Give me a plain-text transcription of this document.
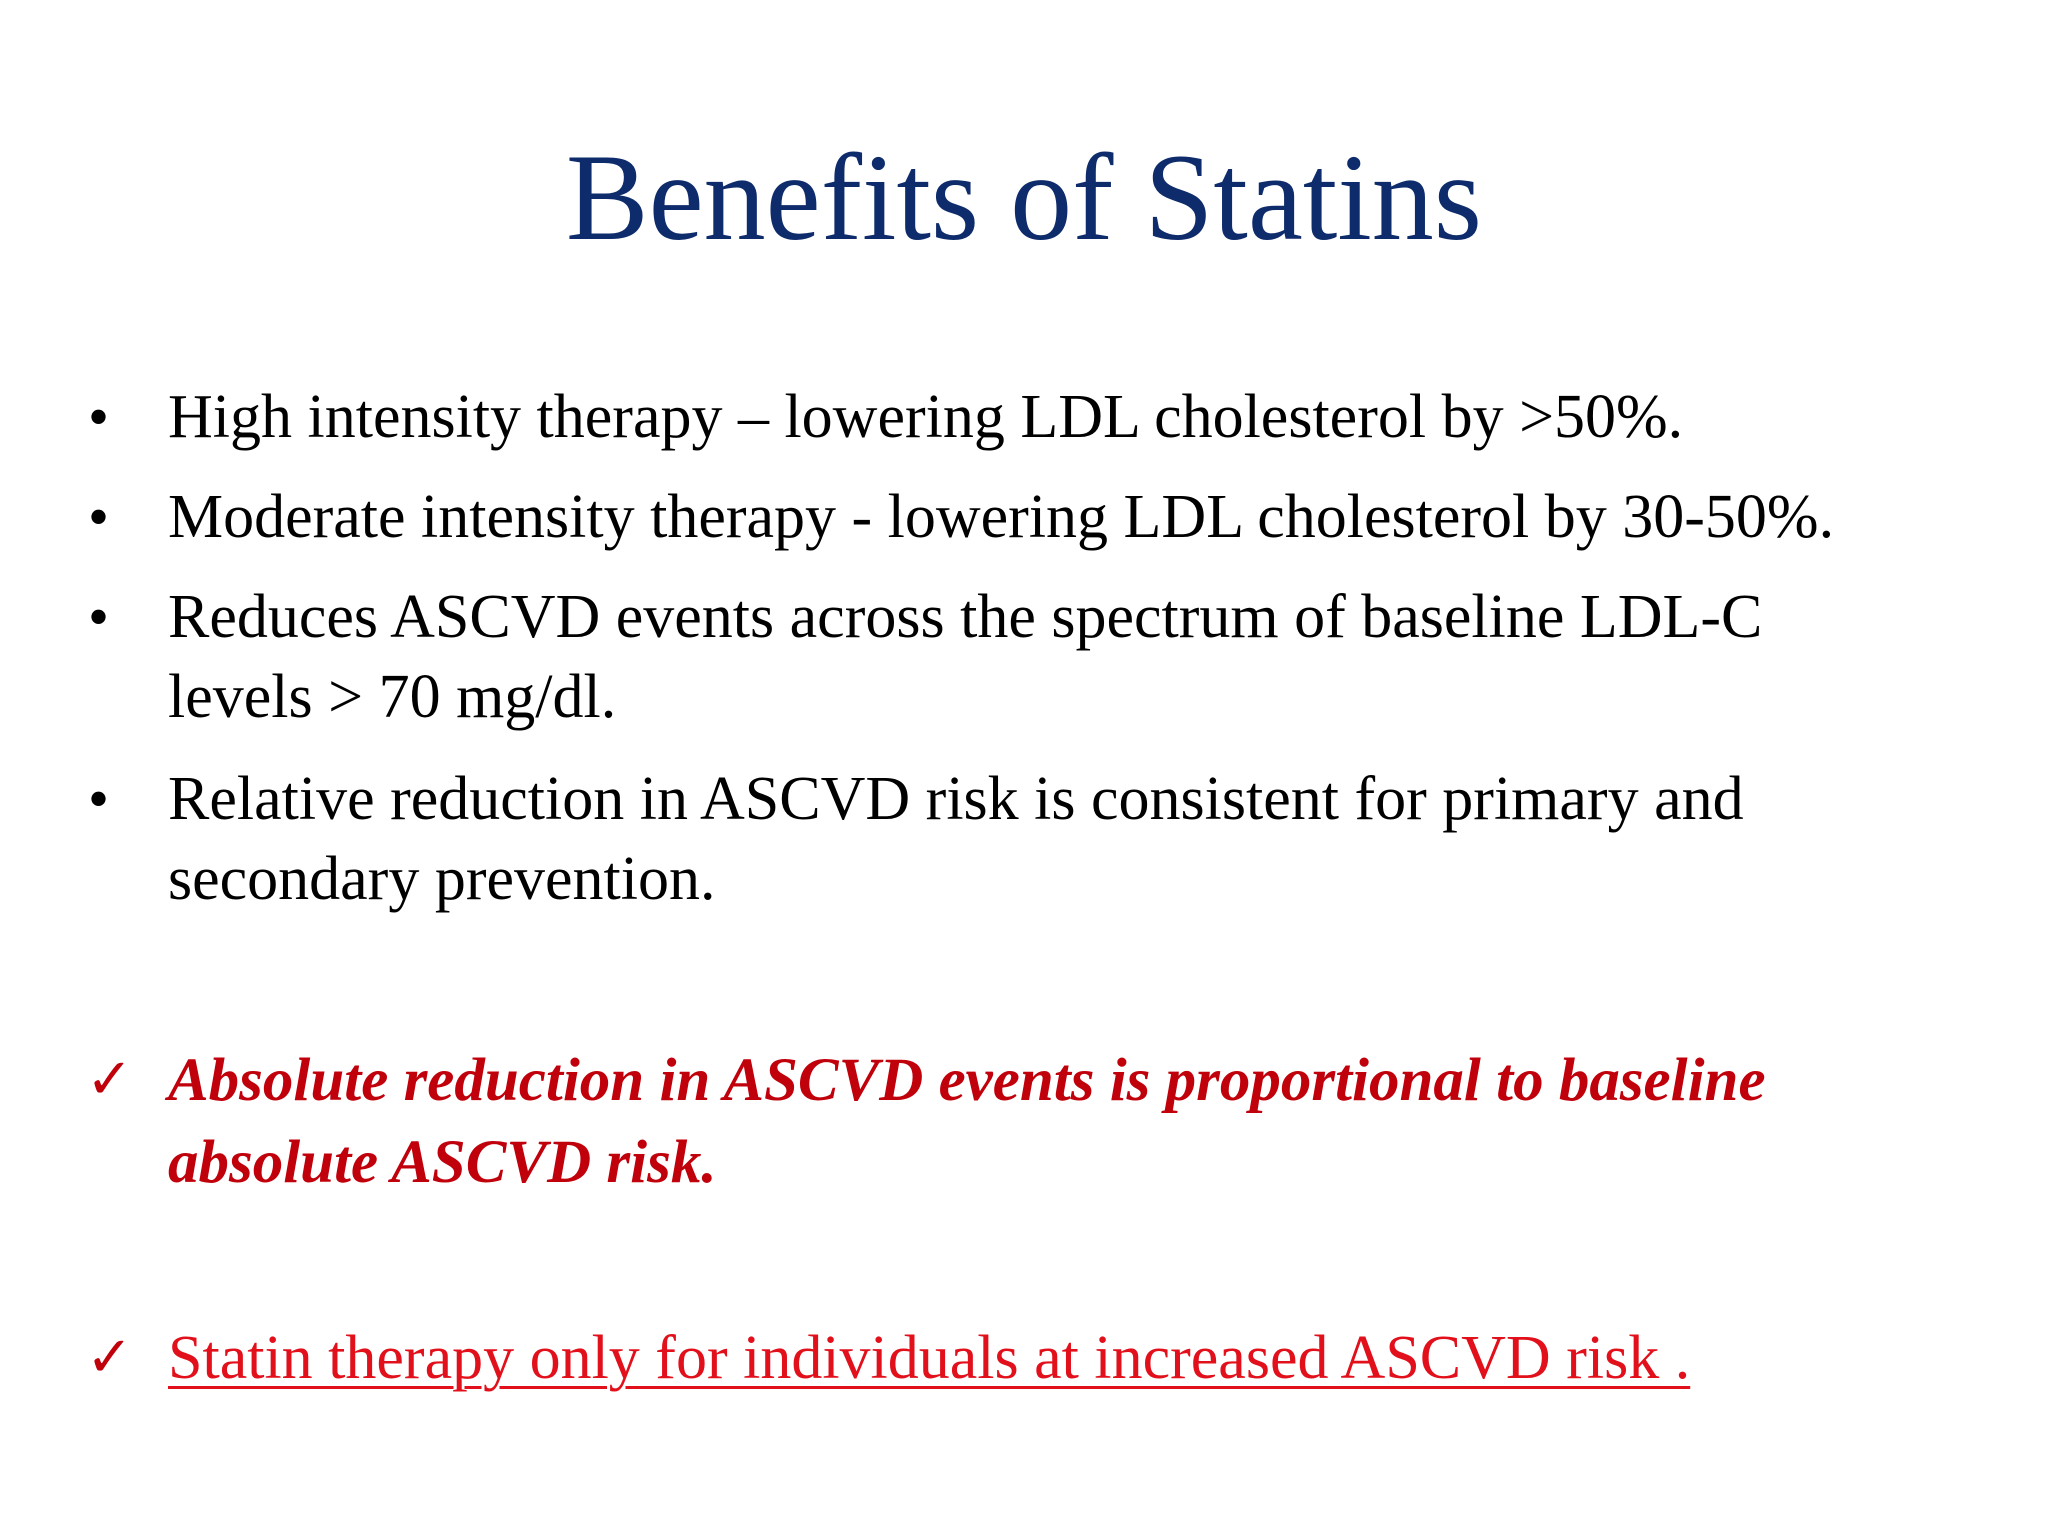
Benefits of Statins
• High intensity therapy – lowering LDL cholesterol by >50%.
• Moderate intensity therapy - lowering LDL cholesterol by 30-50%.
• Reduces ASCVD events across the spectrum of baseline LDL-C
levels > 70 mg/dl.
• Relative reduction in ASCVD risk is consistent for primary and
secondary prevention.
✓ Absolute reduction in ASCVD events is proportional to baseline
absolute ASCVD risk.
✓ Statin therapy only for individuals at increased ASCVD risk .
